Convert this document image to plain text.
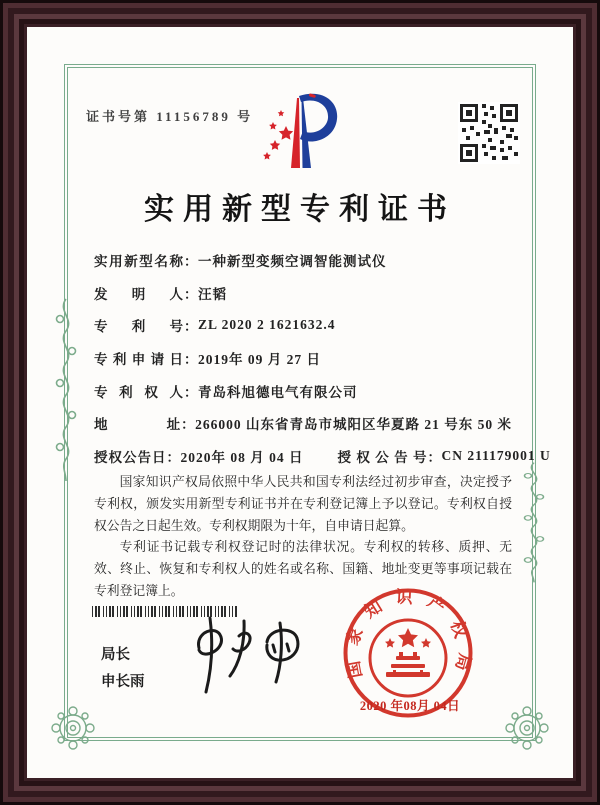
证书号第 11156789 号
实用新型专利证书
实用新型名称 ： 一种新型变频空调智能测试仪
发明人 ： 汪韬
专利号 ： ZL 2020 2 1621632.4
专利申请日 ： 2019年 09 月 27 日
专利权人 ： 青岛科旭德电气有限公司
地址 ： 266000 山东省青岛市城阳区华夏路 21 号东 50 米
授权公告日 ： 2020年 08 月 04 日	授权公告号 ： CN 211179001 U

国家知识产权局依照中华人民共和国专利法经过初步审查，决定授予专利权，颁发实用新型专利证书并在专利登记簿上予以登记。专利权自授权公告之日起生效。专利权期限为十年，自申请日起算。

专利证书记载专利权登记时的法律状况。专利权的转移、质押、无效、终止、恢复和专利权人的姓名或名称、国籍、地址变更等事项记载在专利登记簿上。

局长
申长雨
国家知识产权局
2020 年08月 04日
